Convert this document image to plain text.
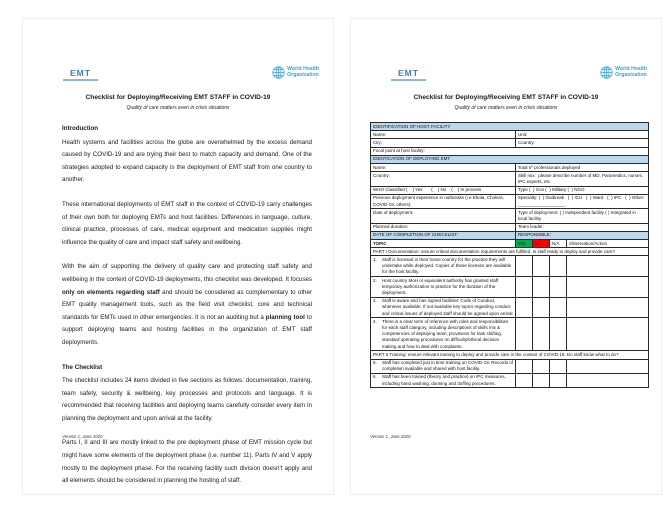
EMT	World Health
Organization
Checklist for Deploying/Receiving EMT STAFF in COVID-19
Quality of care matters even in crisis situations
Introduction

Health systems and facilities across the globe are overwhelmed by the excess demand caused by COVID-19 and are trying their best to match capacity and demand. One of the strategies adopted to expand capacity is the deployment of EMT staff from one country to another.

These international deployments of EMT staff in the context of COVID-19 carry challenges of their own both for deploying EMTs and host facilities. Differences in language, culture, clinical practice, processes of care, medical equipment and medication supplies might influence the quality of care and impact staff safety and wellbeing.

With the aim of supporting the delivery of quality care and protecting staff safety and wellbeing in the context of COVID-19 deployments, this checklist was developed. It focuses only on elements regarding staff and should be considered as complementary to other EMT quality management tools, such as the field visit checklist, core and technical standards for EMTs used in other emergencies. It is not an auditing but a planning tool to support deploying teams and hosting facilities in the organization of EMT staff deployments.

The Checklist

The checklist includes 24 items divided in five sections as follows: documentation, training, team safety, security & wellbeing, key processes and protocols and language. It is recommended that receiving facilities and deploying teams carefully consider every item in planning the deployment and upon arrival at the facility.

Parts I, II and III are mostly linked to the pre deployment phase of EMT mission cycle but might have some elements of the deployment phase (i.e. number 11). Parts IV and V apply mostly to the deployment phase. For the receiving facility such division doesn't apply and all elements should be considered in planning the hosting of staff.

Version 1_June 2020
EMT	World Health
Organization
Checklist for Deploying/Receiving EMT STAFF in COVID-19
Quality of care matters even in crisis situations
IDENTIFICATION OF HOST FACILITY	
Name:	Unit:
City:	Country:
Focal point at host facility:	
IDENTICATION OF DEPLOYING EMT	
Name:	Total nº professionals deployed
Country:	Skill mix:  please describe number of MD, Paramedics, nurses, IPC experts, etc.
WHO Classified (    ) Yes       (    ) No    (    ) In process	Type (  ) Gov (  ) Military (  ) NGO
Previous deployment experience in outbreaks (i.e Ebola, Cholera, COVID-19, others):	Specialty: (  ) Outbreak   (  ) ICU   (  ) Ward   (  ) IPC   (  ) Other: ___________________
Date of deployment:	Type of deployment: ( ) Independent facility ( ) Integrated in local facility
Planned duration:	Team leader:
DATE OF COMPLETION OF CHECKLIST:	RESPONSIBLE:
TOPIC	Yes	No	N/A	Observation/Action
PART I Documentation: ensure critical documentation requirements are fulfilled. Is staff ready to deploy and provide care?				

1. Staff is licensed in their home country for the practice they will undertake while deployed. Copies of these licenses are available for the host facility.				

2. Host country MoH or equivalent authority has granted staff temporary authorization to practice for the duration of the deployment.				

3. Staff is aware and has signed facilities' Code of Conduct, whenever available. If not available key topics regarding conduct and critical issues of deployed staff should be agreed upon arrival				

4. There is a clear term of reference with roles and responsibilities for each staff category, including descriptions of skills mix & competencies of deploying team, provisions for task shifting, standard operating procedures on difficulty/ethical decision making and how to deal with complaints.				

PART II Training: ensure relevant training to deploy and provide care in the context of COVID-19. Do staff know what to do?				

5. Staff has completed just in time training on COVID-19. Records of completion available and shared with host facility.				

6. Staff has been trained (theory and practice) on IPC measures, including hand washing, donning and doffing procedures.				

Version 1_June 2020
